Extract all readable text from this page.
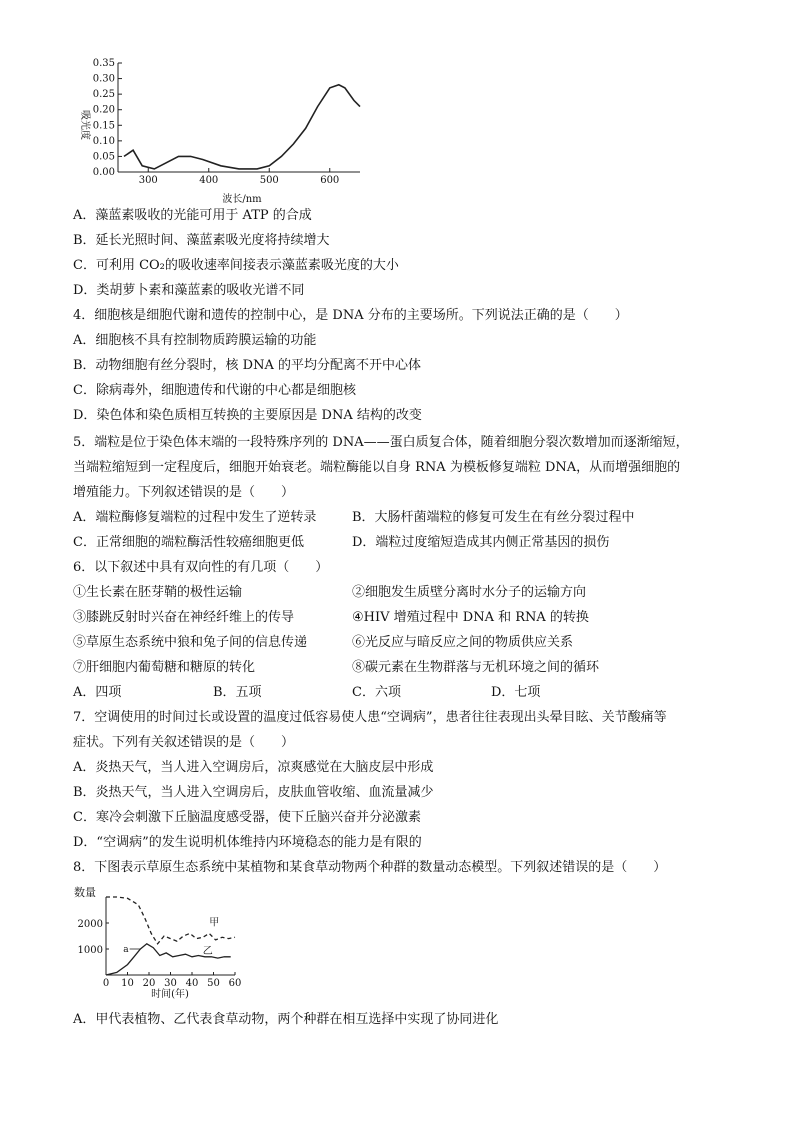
0.35
0.30
0.25
0.20
0.15
0.10
0.05
0.00
300	400	500	600
吸光度
波长/nm
A．藻蓝素吸收的光能可用于 ATP 的合成
B．延长光照时间、藻蓝素吸光度将持续增大
C．可利用 CO₂的吸收速率间接表示藻蓝素吸光度的大小
D．类胡萝卜素和藻蓝素的吸收光谱不同
4．细胞核是细胞代谢和遗传的控制中心，是 DNA 分布的主要场所。下列说法正确的是（　　）
A．细胞核不具有控制物质跨膜运输的功能
B．动物细胞有丝分裂时，核 DNA 的平均分配离不开中心体
C．除病毒外，细胞遗传和代谢的中心都是细胞核
D．染色体和染色质相互转换的主要原因是 DNA 结构的改变
5．端粒是位于染色体末端的一段特殊序列的 DNA——蛋白质复合体，随着细胞分裂次数增加而逐渐缩短，
当端粒缩短到一定程度后，细胞开始衰老。端粒酶能以自身 RNA 为模板修复端粒 DNA，从而增强细胞的
增殖能力。下列叙述错误的是（　　）
A．端粒酶修复端粒的过程中发生了逆转录	B．大肠杆菌端粒的修复可发生在有丝分裂过程中
C．正常细胞的端粒酶活性较癌细胞更低	D．端粒过度缩短造成其内侧正常基因的损伤
6．以下叙述中具有双向性的有几项（　　）
①生长素在胚芽鞘的极性运输	②细胞发生质壁分离时水分子的运输方向
③膝跳反射时兴奋在神经纤维上的传导	④HIV 增殖过程中 DNA 和 RNA 的转换
⑤草原生态系统中狼和兔子间的信息传递	⑥光反应与暗反应之间的物质供应关系
⑦肝细胞内葡萄糖和糖原的转化	⑧碳元素在生物群落与无机环境之间的循环
A．四项	B．五项	C．六项	D．七项
7．空调使用的时间过长或设置的温度过低容易使人患“空调病”，患者往往表现出头晕目眩、关节酸痛等
症状。下列有关叙述错误的是（　　）
A．炎热天气，当人进入空调房后，凉爽感觉在大脑皮层中形成
B．炎热天气，当人进入空调房后，皮肤血管收缩、血流量减少
C．寒冷会刺激下丘脑温度感受器，使下丘脑兴奋并分泌激素
D．“空调病”的发生说明机体维持内环境稳态的能力是有限的
8．下图表示草原生态系统中某植物和某食草动物两个种群的数量动态模型。下列叙述错误的是（　　）
2000
1000
0 10 20 30 40 50 60
数量
时间(年)
甲
乙
a
A．甲代表植物、乙代表食草动物，两个种群在相互选择中实现了协同进化
